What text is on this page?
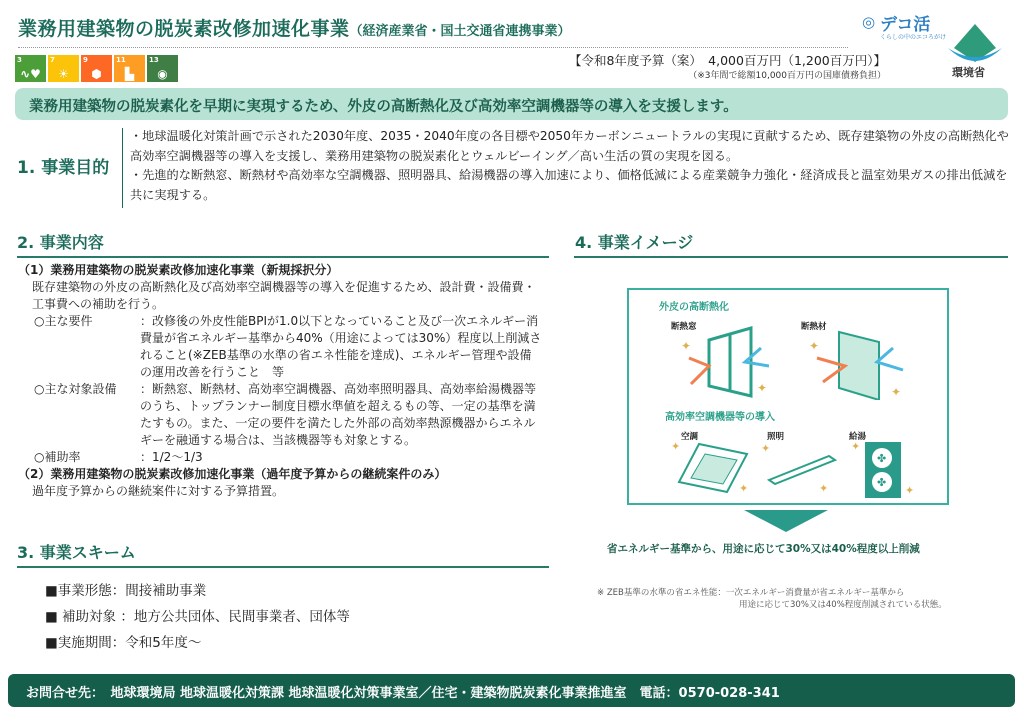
業務用建築物の脱炭素改修加速化事業（経済産業省・国土交通省連携事業）
3
∿♥
7
☀
9
⬢
11
▙
13
◉
【令和8年度予算（案）　4,000百万円（1,200百万円）】
（※3年間で総額10,000百万円の国庫債務負担）
◎ デコ活
くらしの中のエコろがけ
環境省
業務用建築物の脱炭素化を早期に実現するため、外皮の高断熱化及び高効率空調機器等の導入を支援します。
1. 事業目的
・地球温暖化対策計画で示された2030年度、2035・2040年度の各目標や2050年カーボンニュートラルの実現に貢献するため、既存建築物の外皮の高断熱化や高効率空調機器等の導入を支援し、業務用建築物の脱炭素化とウェルビーイング／高い生活の質の実現を図る。
・先進的な断熱窓、断熱材や高効率な空調機器、照明器具、給湯機器の導入加速により、価格低減による産業競争力強化・経済成長と温室効果ガスの排出低減を共に実現する。
2. 事業内容
（1）業務用建築物の脱炭素改修加速化事業（新規採択分）
既存建築物の外皮の高断熱化及び高効率空調機器等の導入を促進するため、設計費・設備費・工事費への補助を行う。
○主な要件	：改修後の外皮性能BPIが1.0以下となっていること及び一次エネルギー消費量が省エネルギー基準から40%（用途によっては30%）程度以上削減されること(※ZEB基準の水準の省エネ性能を達成)、エネルギー管理や設備の運用改善を行うこと　等
○主な対象設備	：断熱窓、断熱材、高効率空調機器、高効率照明器具、高効率給湯機器等のうち、トップランナー制度目標水準値を超えるもの等、一定の基準を満たすもの。また、一定の要件を満たした外部の高効率熱源機器からエネルギーを融通する場合は、当該機器等も対象とする。
○補助率	：1/2～1/3
（2）業務用建築物の脱炭素改修加速化事業（過年度予算からの継続案件のみ）
過年度予算からの継続案件に対する予算措置。
3. 事業スキーム
■事業形態：間接補助事業
■ 補助対象 ：地方公共団体、民間事業者、団体等
■実施期間：令和5年度～
4. 事業イメージ
外皮の高断熱化
断熱窓	断熱材
✦
✦
✦
✦
高効率空調機器等の導入
空調	照明	給湯
✦
✦
✦
✦
✤
✤
✦
✦
省エネルギー基準から、用途に応じて30%又は40%程度以上削減
※ ZEB基準の水準の省エネ性能：一次エネルギー消費量が省エネルギー基準から
用途に応じて30%又は40%程度削減されている状態。
お問合せ先：　地球環境局 地球温暖化対策課 地球温暖化対策事業室／住宅・建築物脱炭素化事業推進室　電話：0570-028-341
